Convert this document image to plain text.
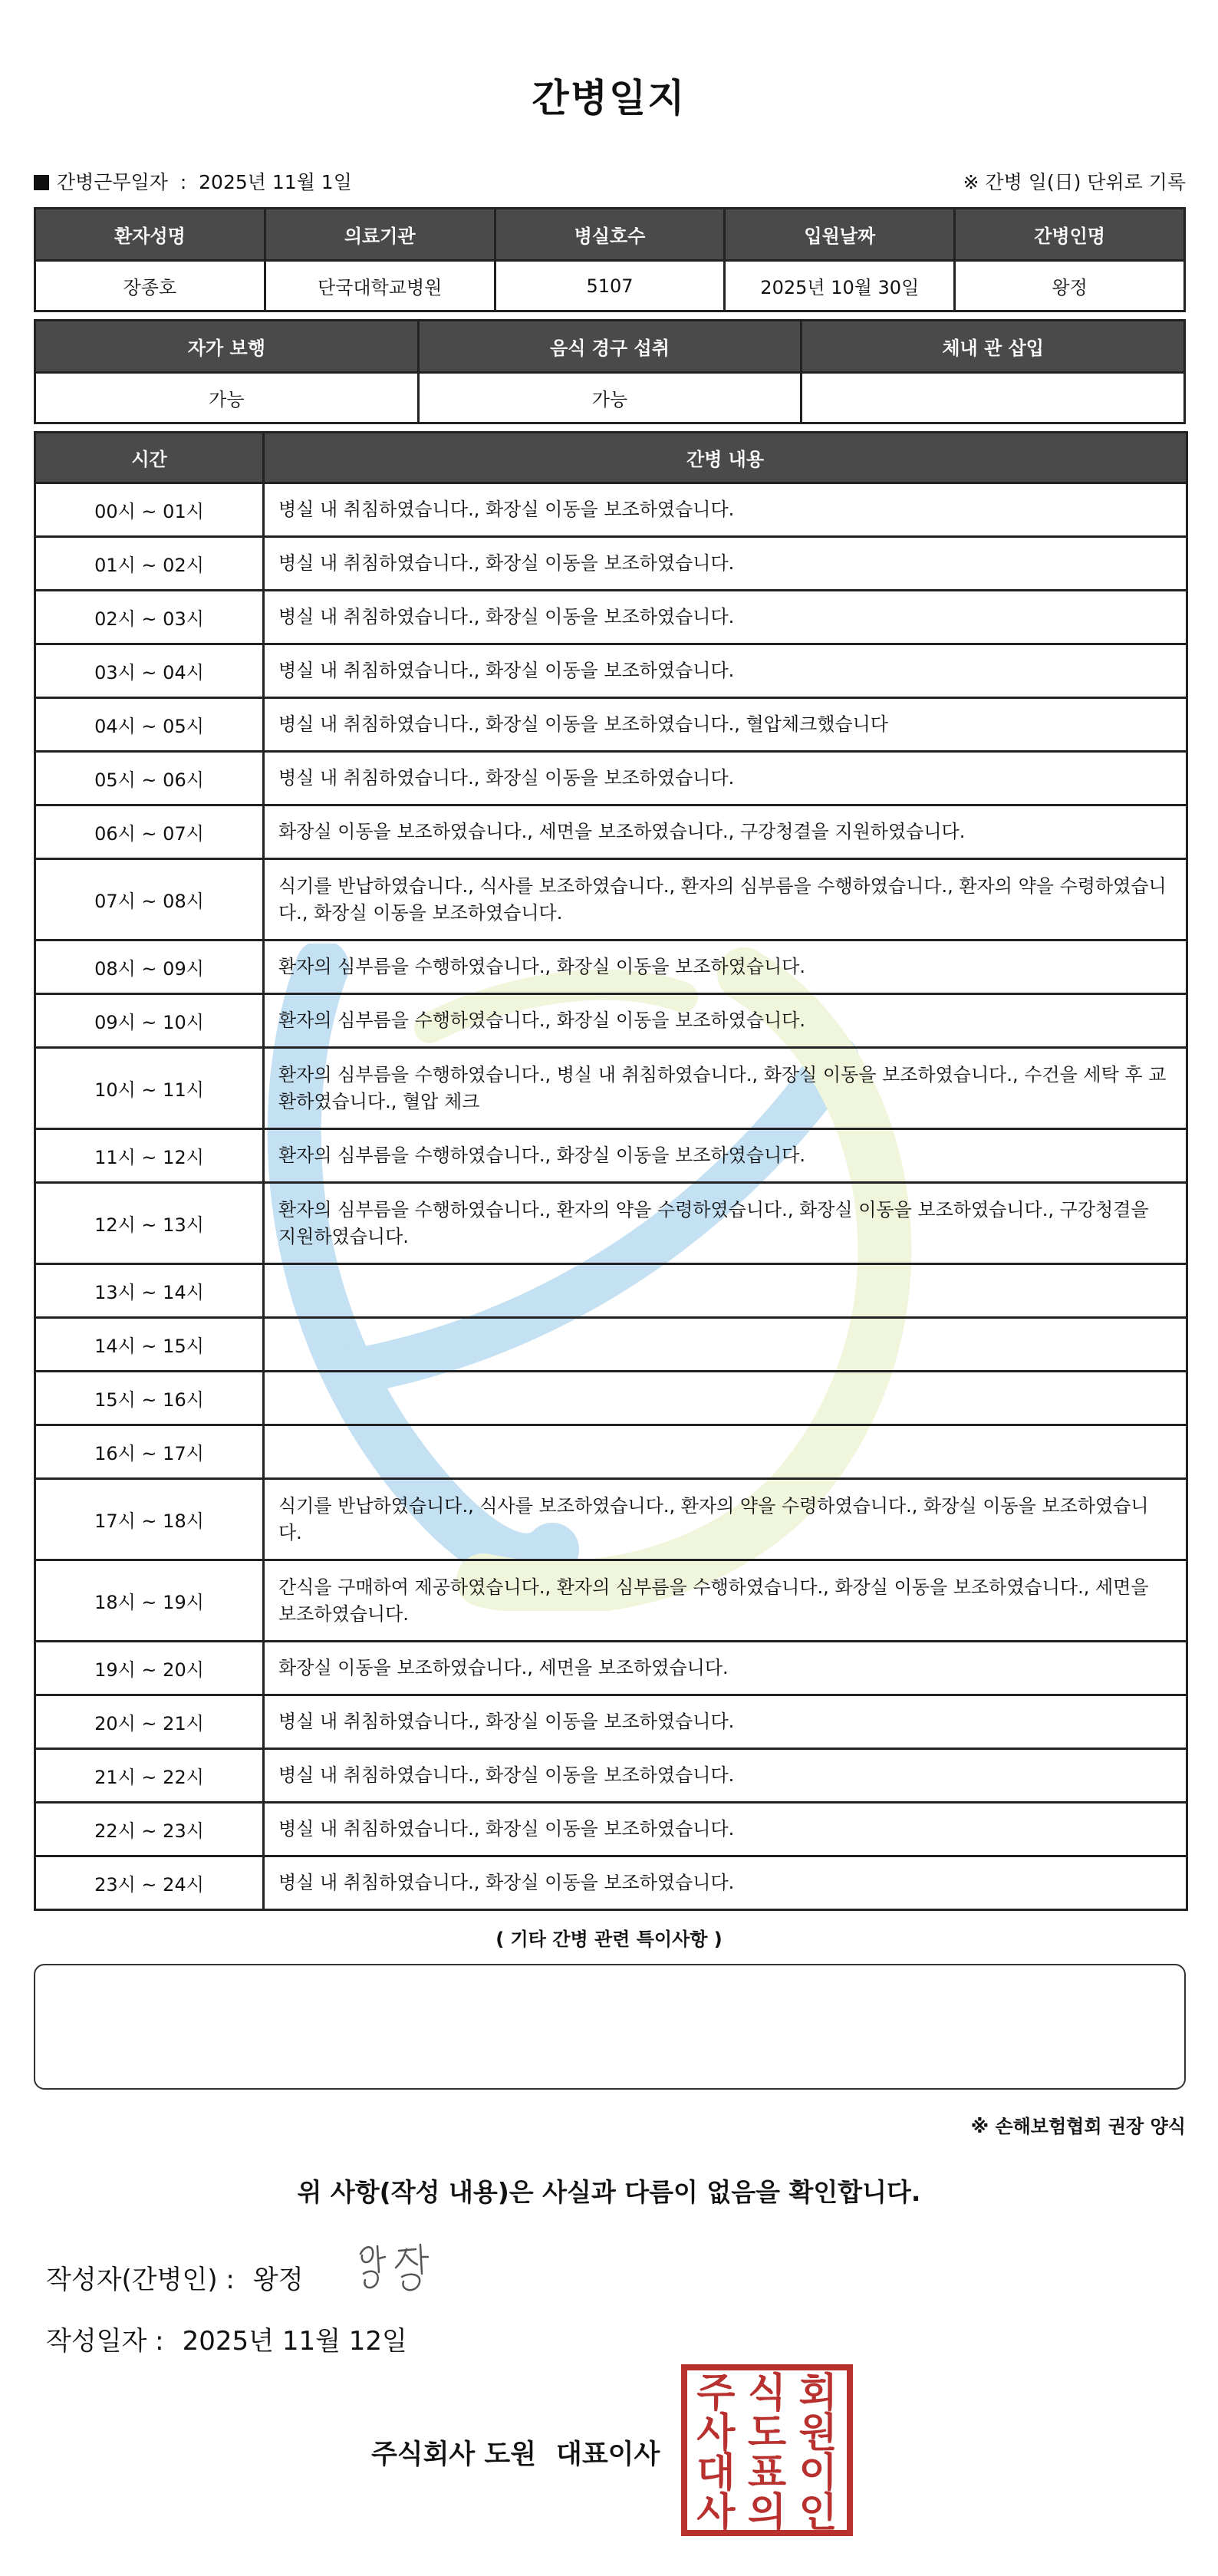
간병일지
간병근무일자 : 2025년 11월 1일	※ 간병 일(日) 단위로 기록
환자성명	의료기관	병실호수	입원날짜	간병인명
장종호	단국대학교병원	5107	2025년 10월 30일	왕정
자가 보행	음식 경구 섭취	체내 관 삽입
가능	가능	
시간	간병 내용
00시 ~ 01시	병실 내 취침하였습니다., 화장실 이동을 보조하였습니다.
01시 ~ 02시	병실 내 취침하였습니다., 화장실 이동을 보조하였습니다.
02시 ~ 03시	병실 내 취침하였습니다., 화장실 이동을 보조하였습니다.
03시 ~ 04시	병실 내 취침하였습니다., 화장실 이동을 보조하였습니다.
04시 ~ 05시	병실 내 취침하였습니다., 화장실 이동을 보조하였습니다., 혈압체크했습니다
05시 ~ 06시	병실 내 취침하였습니다., 화장실 이동을 보조하였습니다.
06시 ~ 07시	화장실 이동을 보조하였습니다., 세면을 보조하였습니다., 구강청결을 지원하였습니다.
07시 ~ 08시	식기를 반납하였습니다., 식사를 보조하였습니다., 환자의 심부름을 수행하였습니다., 환자의 약을 수령하였습니다., 화장실 이동을 보조하였습니다.
08시 ~ 09시	환자의 심부름을 수행하였습니다., 화장실 이동을 보조하였습니다.
09시 ~ 10시	환자의 심부름을 수행하였습니다., 화장실 이동을 보조하였습니다.
10시 ~ 11시	환자의 심부름을 수행하였습니다., 병실 내 취침하였습니다., 화장실 이동을 보조하였습니다., 수건을 세탁 후 교환하였습니다., 혈압 체크
11시 ~ 12시	환자의 심부름을 수행하였습니다., 화장실 이동을 보조하였습니다.
12시 ~ 13시	환자의 심부름을 수행하였습니다., 환자의 약을 수령하였습니다., 화장실 이동을 보조하였습니다., 구강청결을 지원하였습니다.
13시 ~ 14시	
14시 ~ 15시	
15시 ~ 16시	
16시 ~ 17시	
17시 ~ 18시	식기를 반납하였습니다., 식사를 보조하였습니다., 환자의 약을 수령하였습니다., 화장실 이동을 보조하였습니다.
18시 ~ 19시	간식을 구매하여 제공하였습니다., 환자의 심부름을 수행하였습니다., 화장실 이동을 보조하였습니다., 세면을 보조하였습니다.
19시 ~ 20시	화장실 이동을 보조하였습니다., 세면을 보조하였습니다.
20시 ~ 21시	병실 내 취침하였습니다., 화장실 이동을 보조하였습니다.
21시 ~ 22시	병실 내 취침하였습니다., 화장실 이동을 보조하였습니다.
22시 ~ 23시	병실 내 취침하였습니다., 화장실 이동을 보조하였습니다.
23시 ~ 24시	병실 내 취침하였습니다., 화장실 이동을 보조하였습니다.
( 기타 간병 관련 특이사항 )
※ 손해보험협회 권장 양식
위 사항(작성 내용)은 사실과 다름이 없음을 확인합니다.
작성자(간병인) : 왕정
작성일자 : 2025년 11월 12일
주식회사 도원 대표이사
주 식 회
사 도 원
대 표 이
사 의 인
